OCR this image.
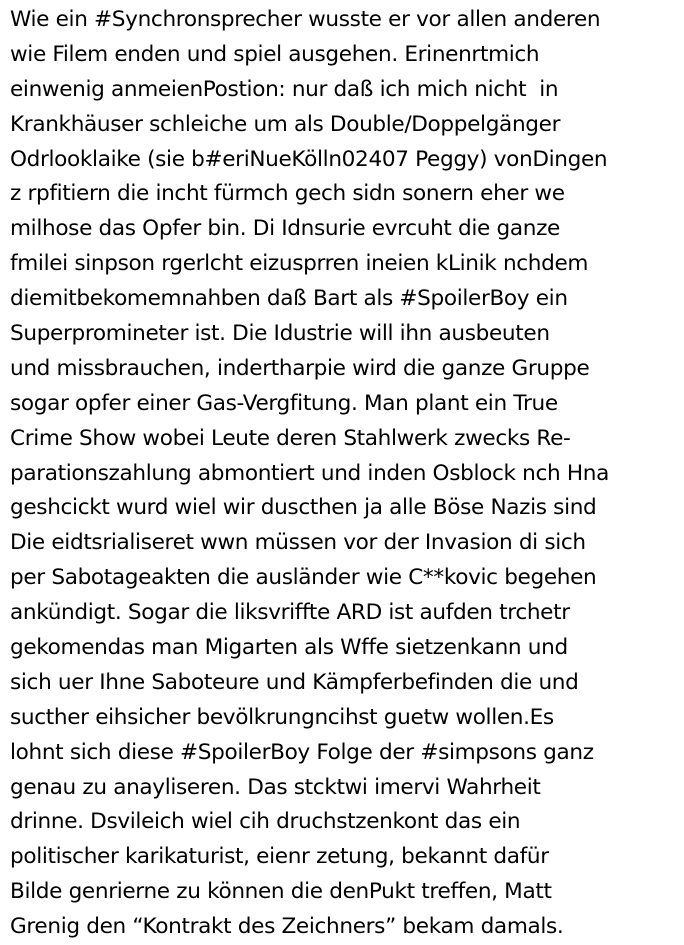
Wie ein #Synchronsprecher wusste er vor allen anderen
wie Filem enden und spiel ausgehen. Erinenrtmich
einwenig anmeienPostion: nur daß ich mich nicht  in
Krankhäuser schleiche um als Double/Doppelgänger
Odrlooklaike (sie b#eriNueKölln02407 Peggy) vonDingen
z rpfitiern die incht fürmch gech sidn sonern eher we
milhose das Opfer bin. Di Idnsurie evrcuht die ganze
fmilei sinpson rgerlcht eizusprren ineien kLinik nchdem
diemitbekomemnahben daß Bart als #SpoilerBoy ein
Superpromineter ist. Die Idustrie will ihn ausbeuten
und missbrauchen, indertharpie wird die ganze Gruppe
sogar opfer einer Gas-Vergfitung. Man plant ein True
Crime Show wobei Leute deren Stahlwerk zwecks Re-
parationszahlung abmontiert und inden Osblock nch Hna
geshcickt wurd wiel wir duscthen ja alle Böse Nazis sind
Die eidtsrialiseret wwn müssen vor der Invasion di sich
per Sabotageakten die ausländer wie C**kovic begehen
ankündigt. Sogar die liksvriffte ARD ist aufden trchetr
gekomendas man Migarten als Wffe sietzenkann und
sich uer Ihne Saboteure und Kämpferbefinden die und
sucther eihsicher bevölkrungncihst guetw wollen.Es
lohnt sich diese #SpoilerBoy Folge der #simpsons ganz
genau zu anayliseren. Das stcktwi imervi Wahrheit
drinne. Dsvileich wiel cih druchstzenkont das ein
politischer karikaturist, eienr zetung, bekannt dafür
Bilde genrierne zu können die denPukt treffen, Matt
Grenig den “Kontrakt des Zeichners” bekam damals.
